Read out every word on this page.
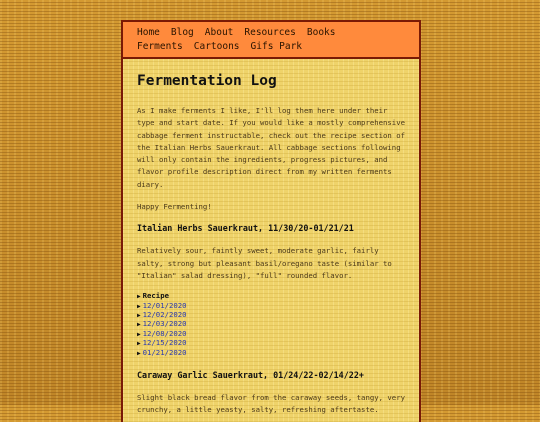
Home Blog About Resources Books
Ferments Cartoons Gifs Park
Fermentation Log

As I make ferments I like, I'll log them here under their type and start date. If you would like a mostly comprehensive cabbage ferment instructable, check out the recipe section of the Italian Herbs Sauerkraut. All cabbage sections following will only contain the ingredients, progress pictures, and flavor profile description direct from my written ferments diary.

Happy Fermenting!

Italian Herbs Sauerkraut, 11/30/20-01/21/21

Relatively sour, faintly sweet, moderate garlic, fairly salty, strong but pleasant basil/oregano taste (similar to "Italian" salad dressing), "full" rounded flavor.

▶ Recipe
▶ 12/01/2020
▶ 12/02/2020
▶ 12/03/2020
▶ 12/08/2020
▶ 12/15/2020
▶ 01/21/2020
Caraway Garlic Sauerkraut, 01/24/22-02/14/22+

Slight black bread flavor from the caraway seeds, tangy, very crunchy, a little yeasty, salty, refreshing aftertaste.
